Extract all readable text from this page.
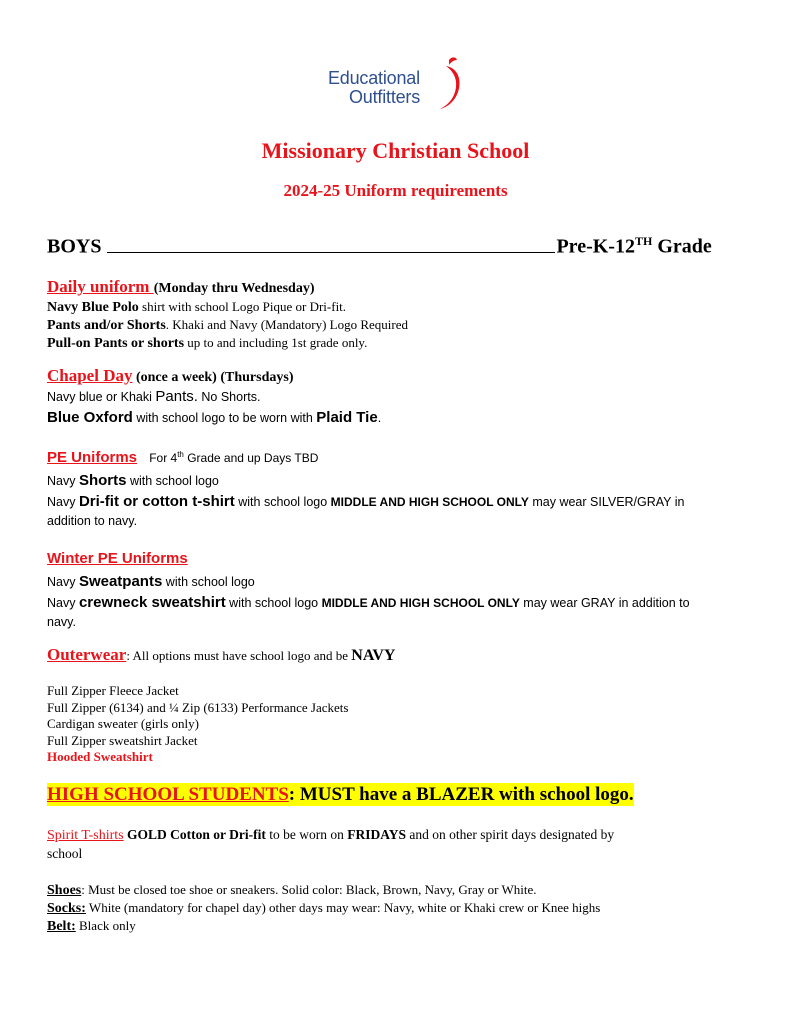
Educational
Outfitters
Missionary Christian School
2024-25 Uniform requirements
BOYS	Pre-K-12TH Grade
Daily uniform (Monday thru Wednesday)
Navy Blue Polo shirt with school Logo Pique or Dri-fit.
Pants and/or Shorts. Khaki and Navy (Mandatory) Logo Required
Pull-on Pants or shorts up to and including 1st grade only.
Chapel Day (once a week) (Thursdays)
Navy blue or Khaki Pants. No Shorts.
Blue Oxford with school logo to be worn with Plaid Tie.
PE Uniforms For 4th Grade and up Days TBD
Navy Shorts with school logo
Navy Dri-fit or cotton t-shirt with school logo MIDDLE AND HIGH SCHOOL ONLY may wear SILVER/GRAY in
addition to navy.
Winter PE Uniforms
Navy Sweatpants with school logo
Navy crewneck sweatshirt with school logo MIDDLE AND HIGH SCHOOL ONLY may wear GRAY in addition to
navy.
Outerwear: All options must have school logo and be NAVY
Full Zipper Fleece Jacket
Full Zipper (6134) and ¼ Zip (6133) Performance Jackets
Cardigan sweater (girls only)
Full Zipper sweatshirt Jacket
Hooded Sweatshirt
HIGH SCHOOL STUDENTS: MUST have a BLAZER with school logo.
Spirit T-shirts GOLD Cotton or Dri-fit to be worn on FRIDAYS and on other spirit days designated by
school
Shoes: Must be closed toe shoe or sneakers. Solid color: Black, Brown, Navy, Gray or White.
Socks: White (mandatory for chapel day) other days may wear: Navy, white or Khaki crew or Knee highs
Belt: Black only
